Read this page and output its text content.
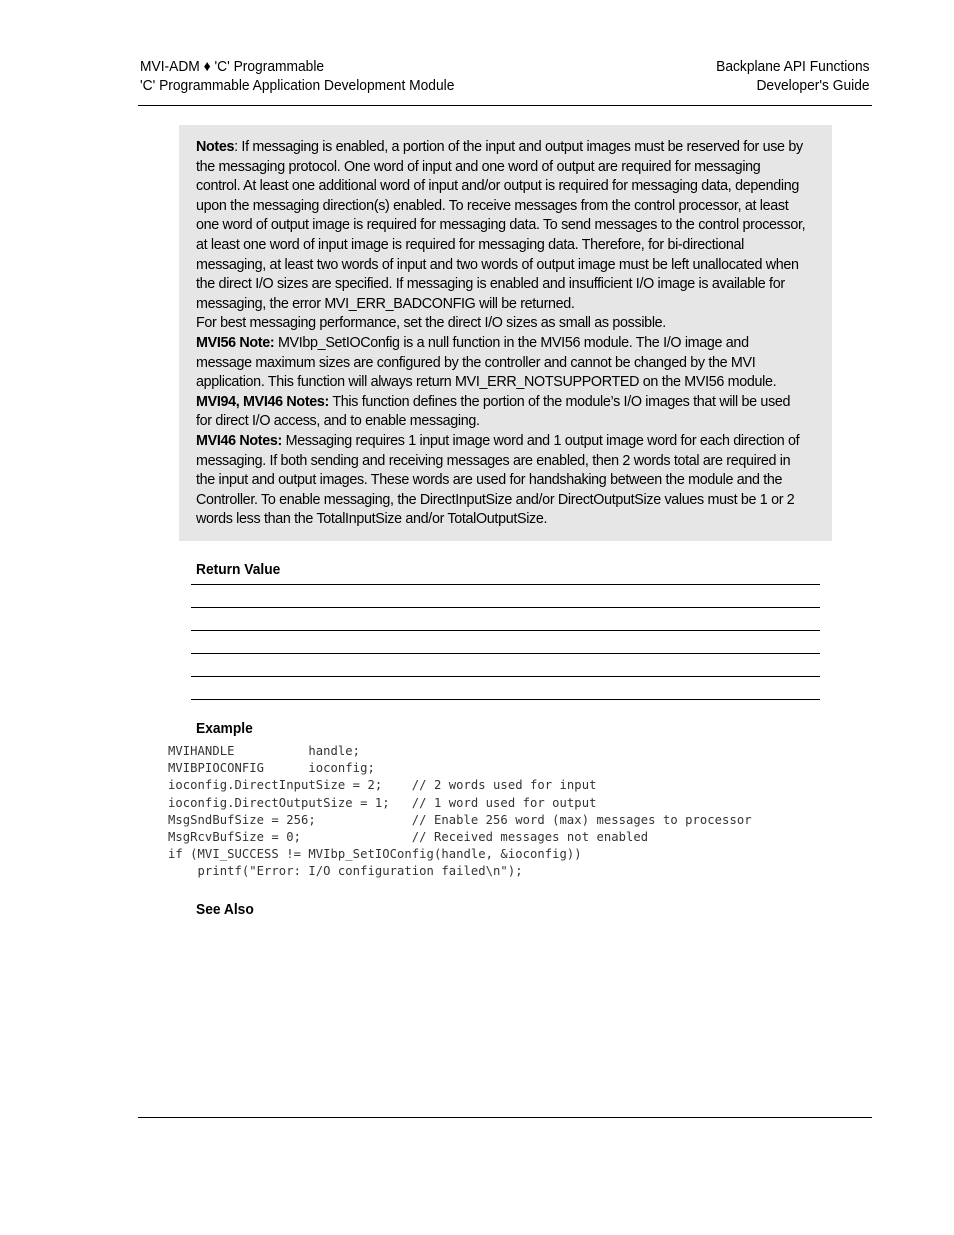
MVI-ADM ♦ 'C' Programmable
'C' Programmable Application Development Module
Backplane API Functions
Developer's Guide

Notes: If messaging is enabled, a portion of the input and output images must be reserved for use by the messaging protocol. One word of input and one word of output are required for messaging control. At least one additional word of input and/or output is required for messaging data, depending upon the messaging direction(s) enabled. To receive messages from the control processor, at least one word of output image is required for messaging data. To send messages to the control processor, at least one word of input image is required for messaging data. Therefore, for bi-directional messaging, at least two words of input and two words of output image must be left unallocated when the direct I/O sizes are specified. If messaging is enabled and insufficient I/O image is available for messaging, the error MVI_ERR_BADCONFIG will be returned.

For best messaging performance, set the direct I/O sizes as small as possible.

MVI56 Note: MVIbp_SetIOConfig is a null function in the MVI56 module. The I/O image and message maximum sizes are configured by the controller and cannot be changed by the MVI application. This function will always return MVI_ERR_NOTSUPPORTED on the MVI56 module.

MVI94, MVI46 Notes: This function defines the portion of the module’s I/O images that will be used for direct I/O access, and to enable messaging.

MVI46 Notes: Messaging requires 1 input image word and 1 output image word for each direction of messaging. If both sending and receiving messages are enabled, then 2 words total are required in the input and output images. These words are used for handshaking between the module and the Controller. To enable messaging, the DirectInputSize and/or DirectOutputSize values must be 1 or 2 words less than the TotalInputSize and/or TotalOutputSize.

Return Value
Example
MVIHANDLE          handle;
MVIBPIOCONFIG      ioconfig;
ioconfig.DirectInputSize = 2;    // 2 words used for input
ioconfig.DirectOutputSize = 1;   // 1 word used for output
MsgSndBufSize = 256;             // Enable 256 word (max) messages to processor
MsgRcvBufSize = 0;               // Received messages not enabled
if (MVI_SUCCESS != MVIbp_SetIOConfig(handle, &ioconfig))
printf("Error: I/O configuration failed\n");
See Also
